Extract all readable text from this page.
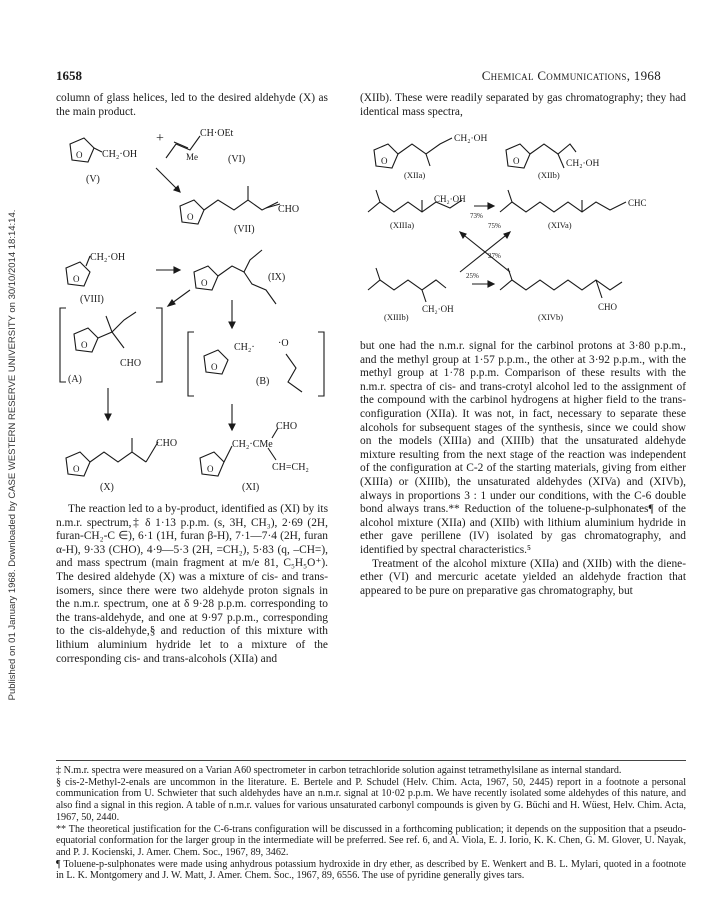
Published on 01 January 1968. Downloaded by CASE WESTERN RESERVE UNIVERSITY on 30/10/2014 18:14:14.
1658	Chemical Communications, 1968

column of glass helices, led to the desired aldehyde (X) as the main product.

O CH₂·OH
(V)
+	CH·OEt
Me	(VI)
O
CHO
(VII)
O
CH₂·OH
(VIII)
O	(IX)
O
CHO
(A)
O
CH₂· ·O
(B)
O
CHO
(X)
O
CH₂·CMe
CHO
CH=CH₂
(XI)

The reaction led to a by-product, identified as (XI) by its n.m.r. spectrum,‡ δ 1·13 p.p.m. (s, 3H, CH₃), 2·69 (2H, furan-CH₂-C ∈), 6·1 (1H, furan β-H), 7·1—7·4 (2H, furan α-H), 9·33 (CHO), 4·9—5·3 (2H, =CH₂), 5·83 (q, –CH=), and mass spectrum (main fragment at m/e 81, C₅H₅O⁺). The desired aldehyde (X) was a mixture of cis- and trans-isomers, since there were two aldehyde proton signals in the n.m.r. spectrum, one at δ 9·28 p.p.m. corresponding to the trans-aldehyde, and one at 9·97 p.p.m., corresponding to the cis-aldehyde,§ and reduction of this mixture with lithium aluminium hydride let to a mixture of the corresponding cis- and trans-alcohols (XIIa) and

(XIIb). These were readily separated by gas chromatography; they had identical mass spectra,

O
CH₂·OH
(XIIa)
O	CH₂·OH
(XIIb)
CH₂·OH
(XIIIa)
73%
75%
27%
25%
CHC
(XIVa)
CH₂·OH
(XIIIb)
CHO
(XIVb)

but one had the n.m.r. signal for the carbinol protons at 3·80 p.p.m., and the methyl group at 1·57 p.p.m., the other at 3·92 p.p.m., with the methyl group at 1·78 p.p.m. Comparison of these results with the n.m.r. spectra of cis- and trans-crotyl alcohol led to the assignment of the compound with the carbinol hydrogens at higher field to the trans-configuration (XIIa). It was not, in fact, necessary to separate these alcohols for subsequent stages of the synthesis, since we could show on the models (XIIIa) and (XIIIb) that the unsaturated aldehyde mixture resulting from the next stage of the reaction was independent of the configuration at C-2 of the starting materials, giving from either (XIIIa) or (XIIIb), the unsaturated aldehydes (XIVa) and (XIVb), always in proportions 3 : 1 under our conditions, with the C-6 double bond always trans.** Reduction of the toluene-p-sulphonates¶ of the alcohol mixture (XIIa) and (XIIb) with lithium aluminium hydride in ether gave perillene (IV) isolated by gas chromatography, and identified by spectral characteristics.⁵

Treatment of the alcohol mixture (XIIa) and (XIIb) with the diene-ether (VI) and mercuric acetate yielded an aldehyde fraction that appeared to be pure on preparative gas chromatography, but

‡ N.m.r. spectra were measured on a Varian A60 spectrometer in carbon tetrachloride solution against tetramethylsilane as internal standard.

§ cis-2-Methyl-2-enals are uncommon in the literature. E. Bertele and P. Schudel (Helv. Chim. Acta, 1967, 50, 2445) report in a footnote a personal communication from U. Schwieter that such aldehydes have an n.m.r. signal at 10·02 p.p.m. We have recently isolated some aldehydes of this nature, and also find a signal in this region. A table of n.m.r. values for various unsaturated carbonyl compounds is given by G. Büchi and H. Wüest, Helv. Chim. Acta, 1967, 50, 2440.

** The theoretical justification for the C-6-trans configuration will be discussed in a forthcoming publication; it depends on the supposition that a pseudo-equatorial conformation for the larger group in the intermediate will be preferred. See ref. 6, and A. Viola, E. J. Iorio, K. K. Chen, G. M. Glover, U. Nayak, and P. J. Kocienski, J. Amer. Chem. Soc., 1967, 89, 3462.

¶ Toluene-p-sulphonates were made using anhydrous potassium hydroxide in dry ether, as described by E. Wenkert and B. L. Mylari, quoted in a footnote in L. K. Montgomery and J. W. Matt, J. Amer. Chem. Soc., 1967, 89, 6556. The use of pyridine generally gives tars.
